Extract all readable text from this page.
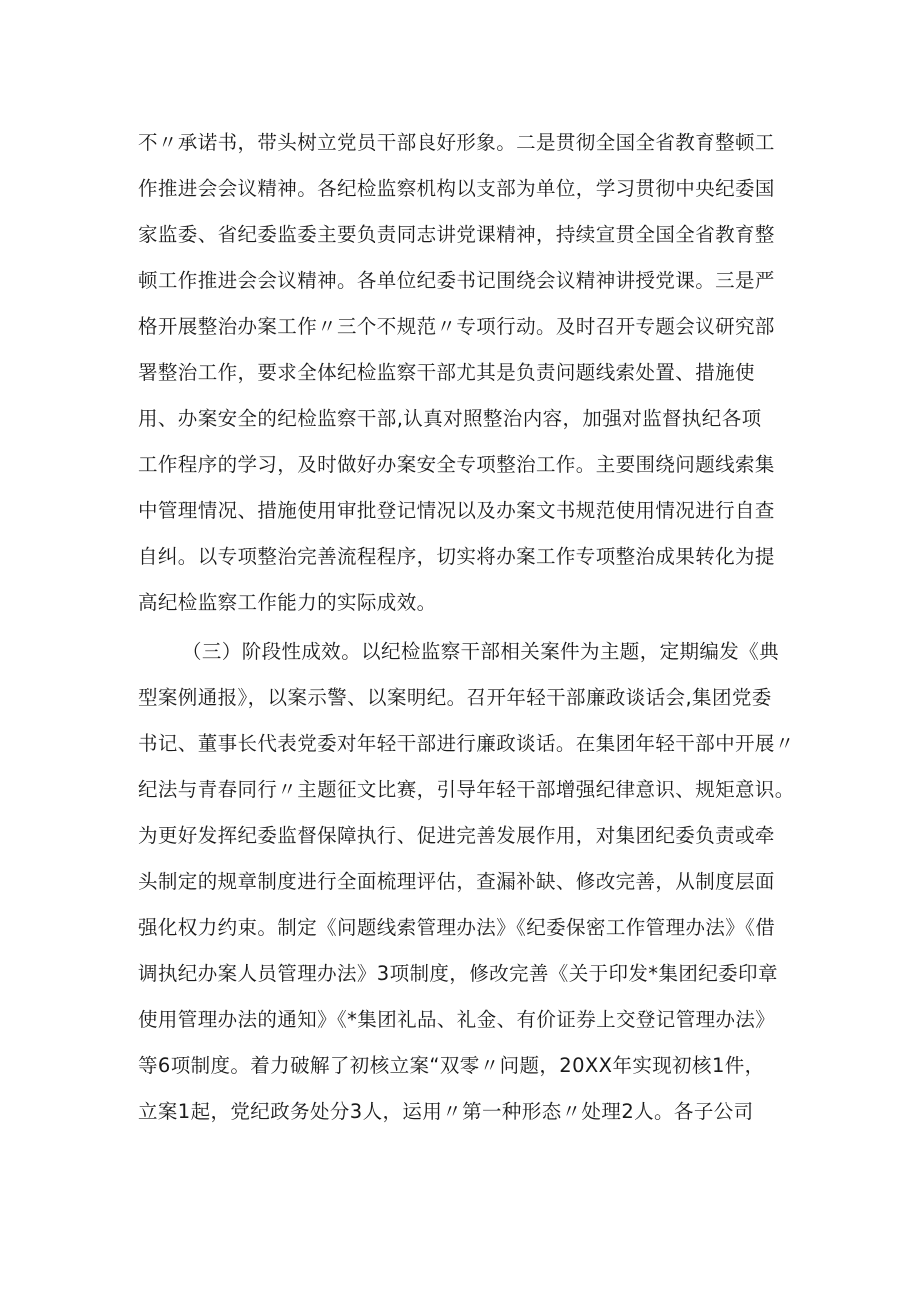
不〃承诺书，带头树立党员干部良好形象。二是贯彻全国全省教育整顿工
作推进会会议精神。各纪检监察机构以支部为单位，学习贯彻中央纪委国
家监委、省纪委监委主要负责同志讲党课精神，持续宣贯全国全省教育整
顿工作推进会会议精神。各单位纪委书记围绕会议精神讲授党课。三是严
格开展整治办案工作〃三个不规范〃专项行动。及时召开专题会议研究部
署整治工作，要求全体纪检监察干部尤其是负责问题线索处置、措施使
用、办案安全的纪检监察干部,认真对照整治内容，加强对监督执纪各项
工作程序的学习，及时做好办案安全专项整治工作。主要围绕问题线索集
中管理情况、措施使用审批登记情况以及办案文书规范使用情况进行自查
自纠。以专项整治完善流程程序，切实将办案工作专项整治成果转化为提
高纪检监察工作能力的实际成效。
（三）阶段性成效。以纪检监察干部相关案件为主题，定期编发《典
型案例通报》，以案示警、以案明纪。召开年轻干部廉政谈话会,集团党委
书记、董事长代表党委对年轻干部进行廉政谈话。在集团年轻干部中开展〃
纪法与青春同行〃主题征文比赛，引导年轻干部增强纪律意识、规矩意识。
为更好发挥纪委监督保障执行、促进完善发展作用，对集团纪委负责或牵
头制定的规章制度进行全面梳理评估，查漏补缺、修改完善，从制度层面
强化权力约束。制定《问题线索管理办法》《纪委保密工作管理办法》《借
调执纪办案人员管理办法》3项制度，修改完善《关于印发*集团纪委印章
使用管理办法的通知》《*集团礼品、礼金、有价证券上交登记管理办法》
等6项制度。着力破解了初核立案“双零〃问题，20XX年实现初核1件，
立案1起，党纪政务处分3人，运用〃第一种形态〃处理2人。各子公司
